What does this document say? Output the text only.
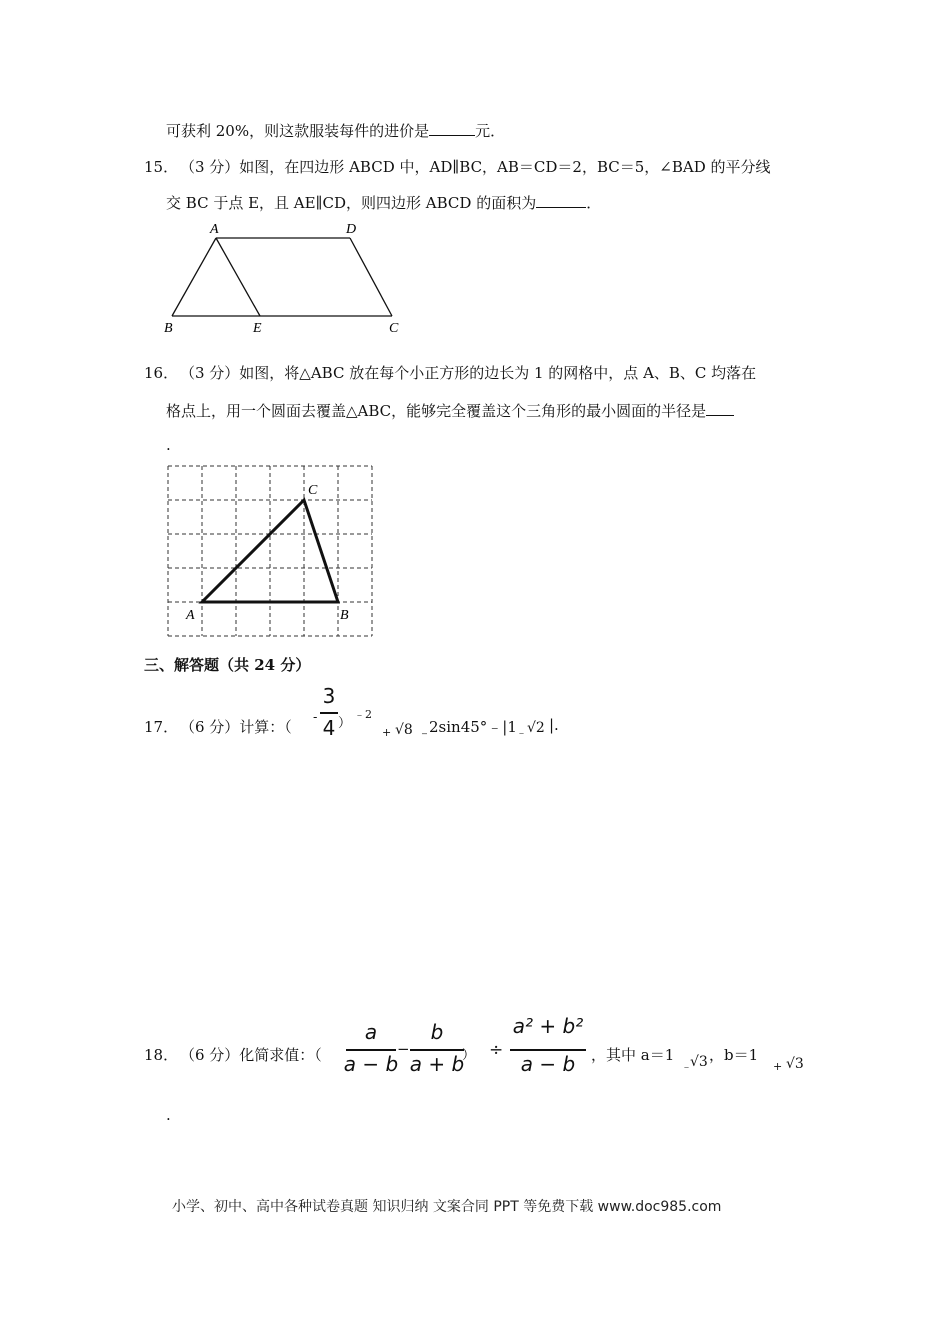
可获利 20%，则这款服装每件的进价是	元．
15． （3 分）如图，在四边形 ABCD 中，AD∥BC，AB＝CD＝2，BC＝5，∠BAD 的平分线
交 BC 于点 E，且 AE∥CD，则四边形 ABCD 的面积为	．
A	D
B	E	C
16． （3 分）如图，将△ABC 放在每个小正方形的边长为 1 的网格中，点 A、B、C 均落在
格点上，用一个圆面去覆盖△ABC，能够完全覆盖这个三角形的最小圆面的半径是
.
A	B
C
三、解答题（共 24 分）
17． （6 分）计算：（
-
3
4 ）
﹣2
+ √8 ﹣
2sin45°﹣|1 ﹣ √2 |.
18． （6 分）化简求值：（
a
a − b
−
b
a + b
） ÷
a² + b²
a − b	，其中 a＝1
﹣
√3 ，b＝1
+ √3
.
小学、初中、高中各种试卷真题 知识归纳 文案合同 PPT 等免费下载 www.doc985.com
